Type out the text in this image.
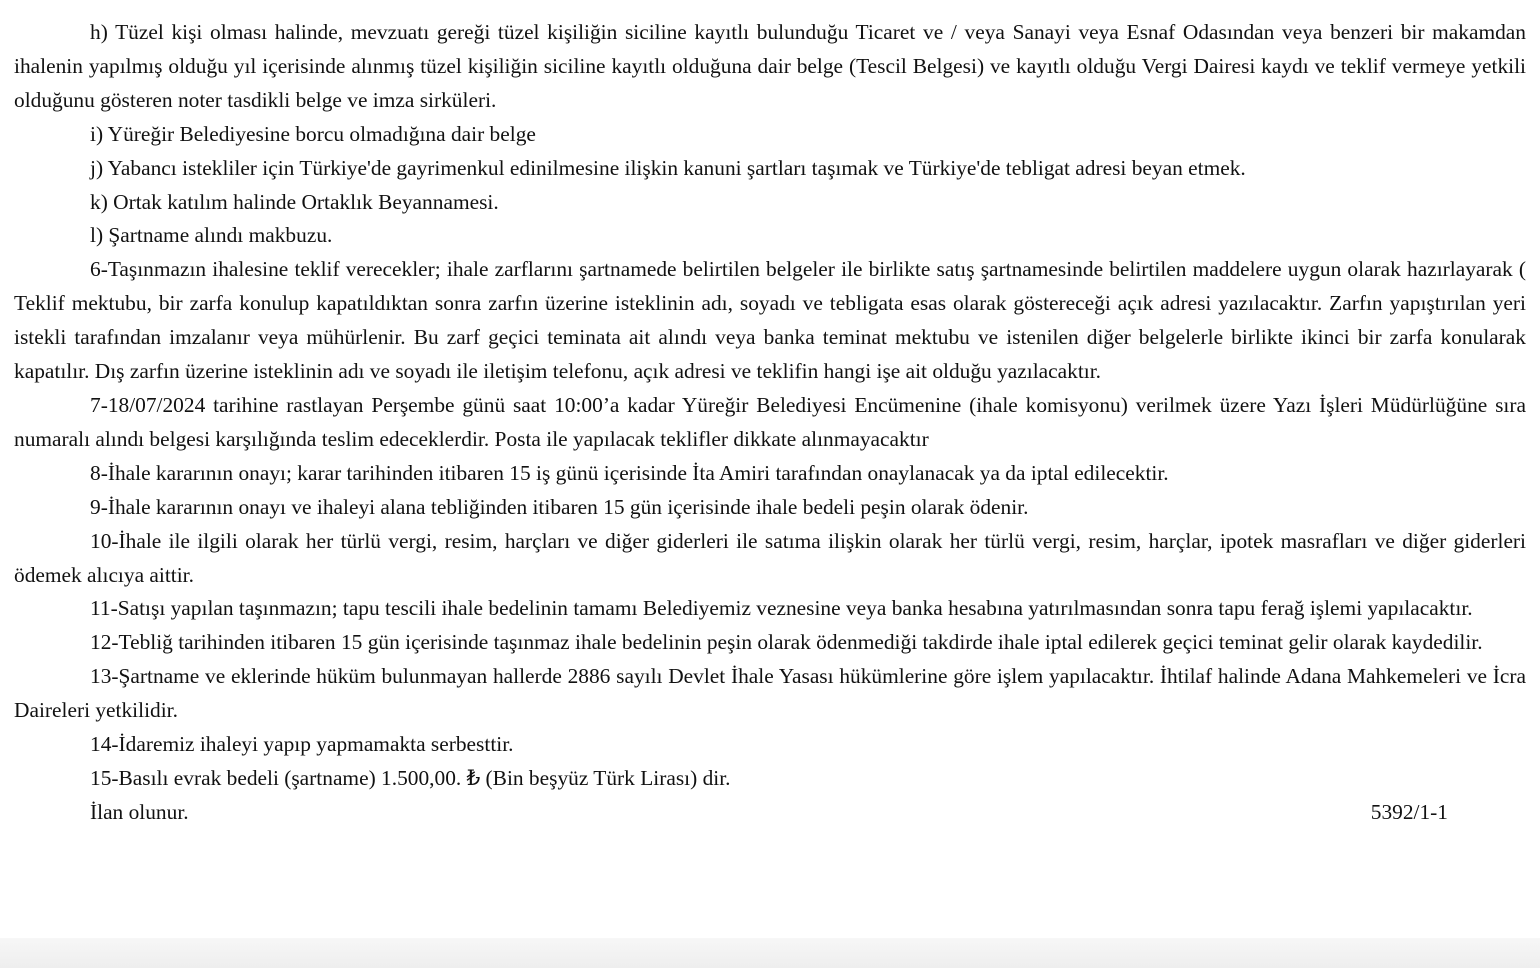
h) Tüzel kişi olması halinde, mevzuatı gereği tüzel kişiliğin siciline kayıtlı bulunduğu Ticaret ve / veya Sanayi veya Esnaf Odasından veya benzeri bir makamdan ihalenin yapılmış olduğu yıl içerisinde alınmış tüzel kişiliğin siciline kayıtlı olduğuna dair belge (Tescil Belgesi) ve kayıtlı olduğu Vergi Dairesi kaydı ve teklif vermeye yetkili olduğunu gösteren noter tasdikli belge ve imza sirküleri.

i) Yüreğir Belediyesine borcu olmadığına dair belge

j) Yabancı istekliler için Türkiye'de gayrimenkul edinilmesine ilişkin kanuni şartları taşımak ve Türkiye'de tebligat adresi beyan etmek.

k) Ortak katılım halinde Ortaklık Beyannamesi.

l) Şartname alındı makbuzu.

6-Taşınmazın ihalesine teklif verecekler; ihale zarflarını şartnamede belirtilen belgeler ile birlikte satış şartnamesinde belirtilen maddelere uygun olarak hazırlayarak ( Teklif mektubu, bir zarfa konulup kapatıldıktan sonra zarfın üzerine isteklinin adı, soyadı ve tebligata esas olarak göstereceği açık adresi yazılacaktır. Zarfın yapıştırılan yeri istekli tarafından imzalanır veya mühürlenir. Bu zarf geçici teminata ait alındı veya banka teminat mektubu ve istenilen diğer belgelerle birlikte ikinci bir zarfa konularak kapatılır. Dış zarfın üzerine isteklinin adı ve soyadı ile iletişim telefonu, açık adresi ve teklifin hangi işe ait olduğu yazılacaktır.

7-18/07/2024 tarihine rastlayan Perşembe günü saat 10:00’a kadar Yüreğir Belediyesi Encümenine (ihale komisyonu) verilmek üzere Yazı İşleri Müdürlüğüne sıra numaralı alındı belgesi karşılığında teslim edeceklerdir. Posta ile yapılacak teklifler dikkate alınmayacaktır

8-İhale kararının onayı; karar tarihinden itibaren 15 iş günü içerisinde İta Amiri tarafından onaylanacak ya da iptal edilecektir.

9-İhale kararının onayı ve ihaleyi alana tebliğinden itibaren 15 gün içerisinde ihale bedeli peşin olarak ödenir.

10-İhale ile ilgili olarak her türlü vergi, resim, harçları ve diğer giderleri ile satıma ilişkin olarak her türlü vergi, resim, harçlar, ipotek masrafları ve diğer giderleri ödemek alıcıya aittir.

11-Satışı yapılan taşınmazın; tapu tescili ihale bedelinin tamamı Belediyemiz veznesine veya banka hesabına yatırılmasından sonra tapu ferağ işlemi yapılacaktır.

12-Tebliğ tarihinden itibaren 15 gün içerisinde taşınmaz ihale bedelinin peşin olarak ödenmediği takdirde ihale iptal edilerek geçici teminat gelir olarak kaydedilir.

13-Şartname ve eklerinde hüküm bulunmayan hallerde 2886 sayılı Devlet İhale Yasası hükümlerine göre işlem yapılacaktır. İhtilaf halinde Adana Mahkemeleri ve İcra Daireleri yetkilidir.

14-İdaremiz ihaleyi yapıp yapmamakta serbesttir.

15-Basılı evrak bedeli (şartname) 1.500,00. ₺ (Bin beşyüz Türk Lirası) dir.

İlan olunur.	5392/1-1
